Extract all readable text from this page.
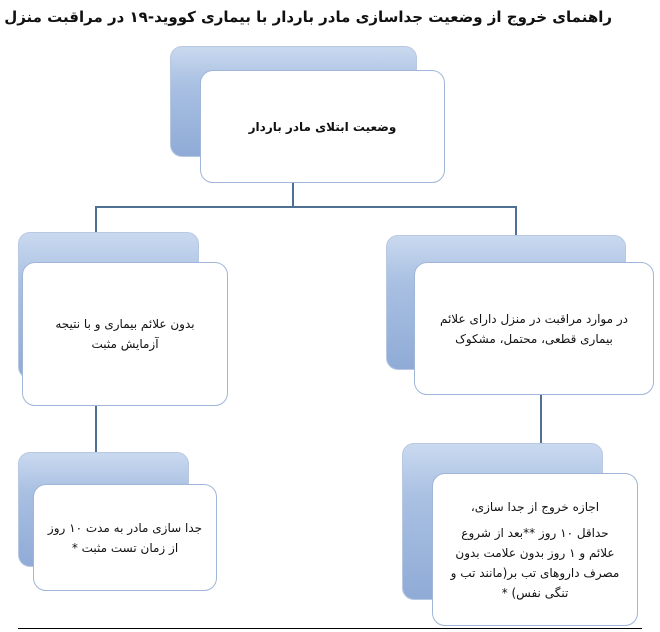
راهنمای خروج از وضعیت جداسازی مادر باردار با بیماری کووید-۱۹ در مراقبت منزل
وضعیت ابتلای مادر باردار
بدون علائم بیماری و با نتیجه آزمایش مثبت
در موارد مراقبت در منزل دارای علائم بیماری قطعی، محتمل، مشکوک
جدا سازی مادر به مدت ۱۰ روز از زمان تست مثبت *

اجازه خروج از جدا سازی،

حداقل ۱۰ روز **بعد از شروع علائم و ۱ روز بدون علامت بدون مصرف داروهای تب بر(مانند تب و تنگی نفس) *
